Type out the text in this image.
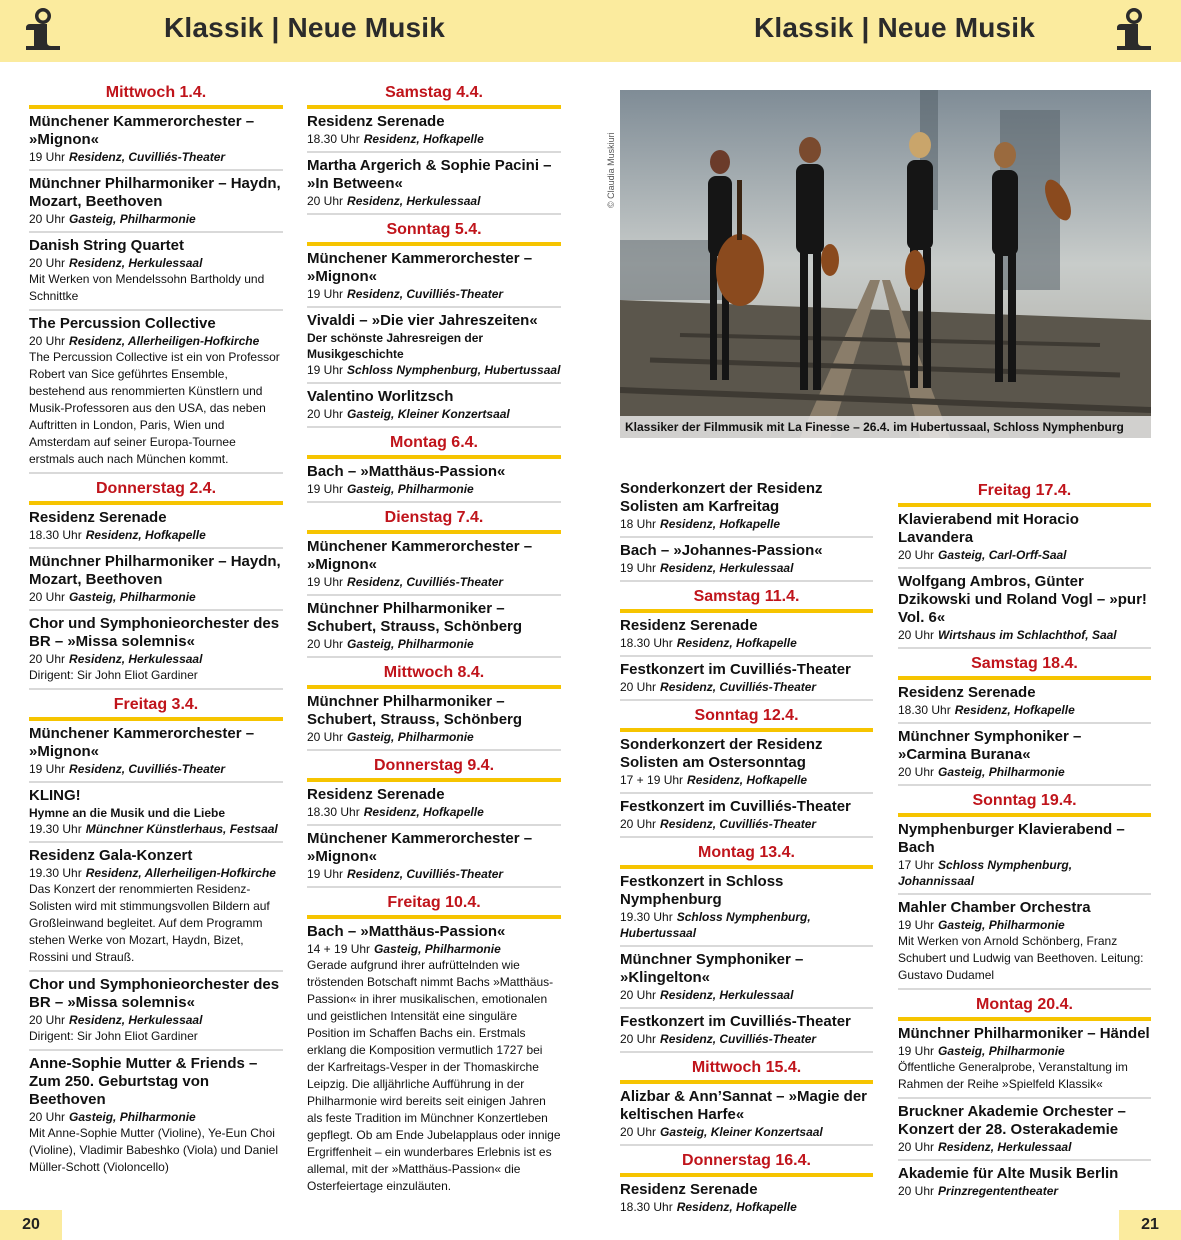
Klassik | Neue Musik	Klassik | Neue Musik
Mittwoch 1.4.
Münchener Kammerorchester – »Mignon«
19 Uhr Residenz, Cuvilliés-Theater
Münchner Philharmoniker – Haydn, Mozart, Beethoven
20 Uhr Gasteig, Philharmonie
Danish String Quartet
20 Uhr Residenz, Herkulessaal
Mit Werken von Mendelssohn Bartholdy und Schnittke
The Percussion Collective
20 Uhr Residenz, Allerheiligen-Hofkirche
The Percussion Collective ist ein von Professor Robert van Sice geführtes Ensemble, bestehend aus renommierten Künstlern und Musik-Professoren aus den USA, das neben Auftritten in London, Paris, Wien und Amsterdam auf seiner Europa-Tournee erstmals auch nach München kommt.
Donnerstag 2.4.
Residenz Serenade
18.30 Uhr Residenz, Hofkapelle
Münchner Philharmoniker – Haydn, Mozart, Beethoven
20 Uhr Gasteig, Philharmonie
Chor und Symphonieorchester des BR – »Missa solemnis«
20 Uhr Residenz, Herkulessaal
Dirigent: Sir John Eliot Gardiner
Freitag 3.4.
Münchener Kammerorchester – »Mignon«
19 Uhr Residenz, Cuvilliés-Theater
KLING!
Hymne an die Musik und die Liebe
19.30 Uhr Münchner Künstlerhaus, Festsaal
Residenz Gala-Konzert
19.30 Uhr Residenz, Allerheiligen-Hofkirche
Das Konzert der renommierten Residenz-Solisten wird mit stimmungsvollen Bildern auf Großleinwand begleitet. Auf dem Programm stehen Werke von Mozart, Haydn, Bizet, Rossini und Strauß.
Chor und Symphonieorchester des BR – »Missa solemnis«
20 Uhr Residenz, Herkulessaal
Dirigent: Sir John Eliot Gardiner
Anne-Sophie Mutter & Friends – Zum 250. Geburtstag von Beethoven
20 Uhr Gasteig, Philharmonie
Mit Anne-Sophie Mutter (Violine), Ye-Eun Choi (Violine), Vladimir Babeshko (Viola) und Daniel Müller-Schott (Violoncello)
Samstag 4.4.
Residenz Serenade
18.30 Uhr Residenz, Hofkapelle
Martha Argerich & Sophie Pacini – »In Between«
20 Uhr Residenz, Herkulessaal
Sonntag 5.4.
Münchener Kammerorchester – »Mignon«
19 Uhr Residenz, Cuvilliés-Theater
Vivaldi – »Die vier Jahreszeiten«
Der schönste Jahresreigen der Musikgeschichte
19 Uhr Schloss Nymphenburg, Hubertussaal
Valentino Worlitzsch
20 Uhr Gasteig, Kleiner Konzertsaal
Montag 6.4.
Bach – »Matthäus-Passion«
19 Uhr Gasteig, Philharmonie
Dienstag 7.4.
Münchener Kammerorchester – »Mignon«
19 Uhr Residenz, Cuvilliés-Theater
Münchner Philharmoniker – Schubert, Strauss, Schönberg
20 Uhr Gasteig, Philharmonie
Mittwoch 8.4.
Münchner Philharmoniker – Schubert, Strauss, Schönberg
20 Uhr Gasteig, Philharmonie
Donnerstag 9.4.
Residenz Serenade
18.30 Uhr Residenz, Hofkapelle
Münchener Kammerorchester – »Mignon«
19 Uhr Residenz, Cuvilliés-Theater
Freitag 10.4.
Bach – »Matthäus-Passion«
14 + 19 Uhr Gasteig, Philharmonie
Gerade aufgrund ihrer aufrüttelnden wie tröstenden Botschaft nimmt Bachs »Matthäus-Passion« in ihrer musikalischen, emotionalen und geistlichen Intensität eine singuläre Position im Schaffen Bachs ein. Erstmals erklang die Komposition vermutlich 1727 bei der Karfreitags-Vesper in der Thomaskirche Leipzig. Die alljährliche Aufführung in der Philharmonie wird bereits seit einigen Jahren als feste Tradition im Münchner Konzertleben gepflegt. Ob am Ende Jubelapplaus oder innige Ergriffenheit – ein wunderbares Erlebnis ist es allemal, mit der »Matthäus-Passion« die Osterfeiertage einzuläuten.
© Claudia Muskiuri
Klassiker der Filmmusik mit La Finesse – 26.4. im Hubertussaal, Schloss Nymphenburg
Sonderkonzert der Residenz Solisten am Karfreitag
18 Uhr Residenz, Hofkapelle
Bach – »Johannes-Passion«
19 Uhr Residenz, Herkulessaal
Samstag 11.4.
Residenz Serenade
18.30 Uhr Residenz, Hofkapelle
Festkonzert im Cuvilliés-Theater
20 Uhr Residenz, Cuvilliés-Theater
Sonntag 12.4.
Sonderkonzert der Residenz Solisten am Ostersonntag
17 + 19 Uhr Residenz, Hofkapelle
Festkonzert im Cuvilliés-Theater
20 Uhr Residenz, Cuvilliés-Theater
Montag 13.4.
Festkonzert in Schloss Nymphenburg
19.30 Uhr Schloss Nymphenburg, Hubertussaal
Münchner Symphoniker – »Klingelton«
20 Uhr Residenz, Herkulessaal
Festkonzert im Cuvilliés-Theater
20 Uhr Residenz, Cuvilliés-Theater
Mittwoch 15.4.
Alizbar & Ann’Sannat – »Magie der keltischen Harfe«
20 Uhr Gasteig, Kleiner Konzertsaal
Donnerstag 16.4.
Residenz Serenade
18.30 Uhr Residenz, Hofkapelle
Freitag 17.4.
Klavierabend mit Horacio Lavandera
20 Uhr Gasteig, Carl-Orff-Saal
Wolfgang Ambros, Günter Dzikowski und Roland Vogl – »pur! Vol. 6«
20 Uhr Wirtshaus im Schlachthof, Saal
Samstag 18.4.
Residenz Serenade
18.30 Uhr Residenz, Hofkapelle
Münchner Symphoniker – »Carmina Burana«
20 Uhr Gasteig, Philharmonie
Sonntag 19.4.
Nymphenburger Klavierabend – Bach
17 Uhr Schloss Nymphenburg, Johannissaal
Mahler Chamber Orchestra
19 Uhr Gasteig, Philharmonie
Mit Werken von Arnold Schönberg, Franz Schubert und Ludwig van Beethoven. Leitung: Gustavo Dudamel
Montag 20.4.
Münchner Philharmoniker – Händel
19 Uhr Gasteig, Philharmonie
Öffentliche Generalprobe, Veranstaltung im Rahmen der Reihe »Spielfeld Klassik«
Bruckner Akademie Orchester – Konzert der 28. Osterakademie
20 Uhr Residenz, Herkulessaal
Akademie für Alte Musik Berlin
20 Uhr Prinzregententheater
20	21
